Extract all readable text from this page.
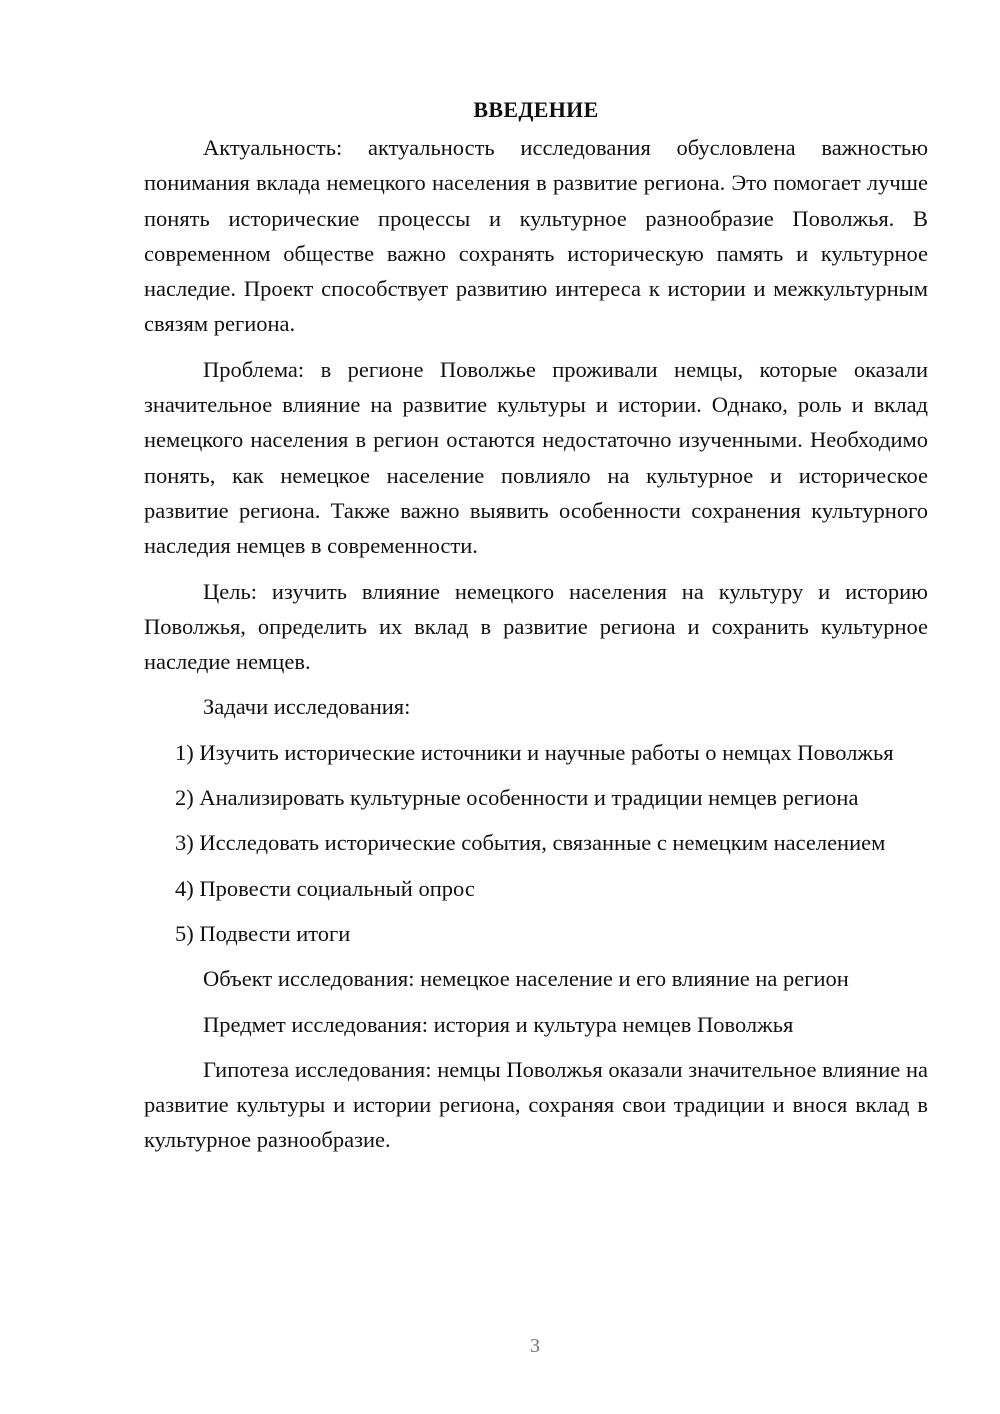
ВВЕДЕНИЕ

Актуальность: актуальность исследования обусловлена важностью понимания вклада немецкого населения в развитие региона. Это помогает лучше понять исторические процессы и культурное разнообразие Поволжья. В современном обществе важно сохранять историческую память и культурное наследие. Проект способствует развитию интереса к истории и межкультурным связям региона.

Проблема: в регионе Поволжье проживали немцы, которые оказали значительное влияние на развитие культуры и истории. Однако, роль и вклад немецкого населения в регион остаются недостаточно изученными. Необходимо понять, как немецкое население повлияло на культурное и историческое развитие региона. Также важно выявить особенности сохранения культурного наследия немцев в современности.

Цель: изучить влияние немецкого населения на культуру и историю Поволжья, определить их вклад в развитие региона и сохранить культурное наследие немцев.

Задачи исследования:

1) Изучить исторические источники и научные работы о немцах Поволжья

2) Анализировать культурные особенности и традиции немцев региона

3) Исследовать исторические события, связанные с немецким населением

4) Провести социальный опрос

5) Подвести итоги

Объект исследования: немецкое население и его влияние на регион

Предмет исследования: история и культура немцев Поволжья

Гипотеза исследования: немцы Поволжья оказали значительное влияние на развитие культуры и истории региона, сохраняя свои традиции и внося вклад в культурное разнообразие.

3
